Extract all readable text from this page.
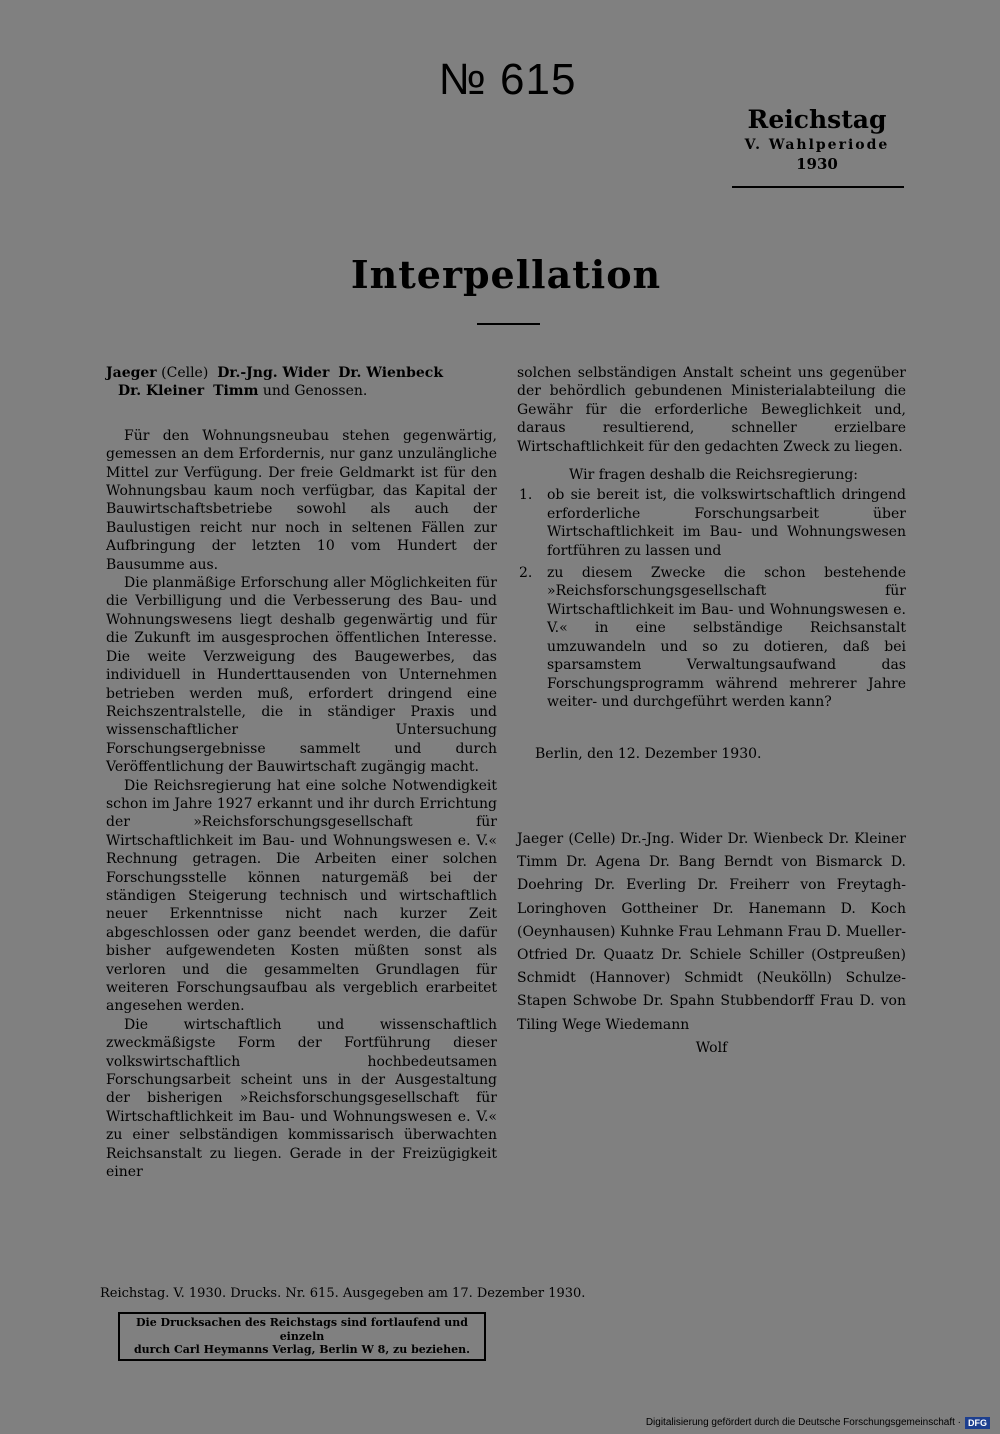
№ 615
Reichstag
V. Wahlperiode
1930
Interpellation
Jaeger (Celle) Dr.-Jng. Wider Dr. Wienbeck
Dr. Kleiner Timm und Genossen.

Für den Wohnungsneubau stehen gegenwärtig, gemessen an dem Erfordernis, nur ganz unzulängliche Mittel zur Verfügung. Der freie Geldmarkt ist für den Wohnungsbau kaum noch verfügbar, das Kapital der Bauwirtschaftsbetriebe sowohl als auch der Baulustigen reicht nur noch in seltenen Fällen zur Aufbringung der letzten 10 vom Hundert der Bausumme aus.

Die planmäßige Erforschung aller Möglichkeiten für die Verbilligung und die Verbesserung des Bau- und Wohnungswesens liegt deshalb gegenwärtig und für die Zukunft im ausgesprochen öffentlichen Interesse. Die weite Verzweigung des Baugewerbes, das individuell in Hunderttausenden von Unternehmen betrieben werden muß, erfordert dringend eine Reichszentralstelle, die in ständiger Praxis und wissenschaftlicher Untersuchung Forschungsergebnisse sammelt und durch Veröffentlichung der Bauwirtschaft zugängig macht.

Die Reichsregierung hat eine solche Notwendigkeit schon im Jahre 1927 erkannt und ihr durch Errichtung der »Reichsforschungsgesellschaft für Wirtschaftlichkeit im Bau- und Wohnungswesen e. V.« Rechnung getragen. Die Arbeiten einer solchen Forschungsstelle können naturgemäß bei der ständigen Steigerung technisch und wirtschaftlich neuer Erkenntnisse nicht nach kurzer Zeit abgeschlossen oder ganz beendet werden, die dafür bisher aufgewendeten Kosten müßten sonst als verloren und die gesammelten Grundlagen für weiteren Forschungsaufbau als vergeblich erarbeitet angesehen werden.

Die wirtschaftlich und wissenschaftlich zweckmäßigste Form der Fortführung dieser volkswirtschaftlich hochbedeutsamen Forschungsarbeit scheint uns in der Ausgestaltung der bisherigen »Reichsforschungsgesellschaft für Wirtschaftlichkeit im Bau- und Wohnungswesen e. V.« zu einer selbständigen kommissarisch überwachten Reichsanstalt zu liegen. Gerade in der Freizügigkeit einer

solchen selbständigen Anstalt scheint uns gegenüber der behördlich gebundenen Ministerialabteilung die Gewähr für die erforderliche Beweglichkeit und, daraus resultierend, schneller erzielbare Wirtschaftlichkeit für den gedachten Zweck zu liegen.

Wir fragen deshalb die Reichsregierung:

1.	ob sie bereit ist, die volkswirtschaftlich dringend erforderliche Forschungsarbeit über Wirtschaftlichkeit im Bau- und Wohnungswesen fortführen zu lassen und
2.	zu diesem Zwecke die schon bestehende »Reichsforschungsgesellschaft für Wirtschaftlichkeit im Bau- und Wohnungswesen e. V.« in eine selbständige Reichsanstalt umzuwandeln und so zu dotieren, daß bei sparsamstem Verwaltungsaufwand das Forschungsprogramm während mehrerer Jahre weiter- und durchgeführt werden kann?
Berlin, den 12. Dezember 1930.
Jaeger (Celle) Dr.-Jng. Wider Dr. Wienbeck Dr. Kleiner Timm Dr. Agena Dr. Bang Berndt von Bismarck D. Doehring Dr. Everling Dr. Freiherr von Freytagh-Loringhoven Gottheiner Dr. Hanemann D. Koch (Oeynhausen) Kuhnke Frau Lehmann Frau D. Mueller-Otfried Dr. Quaatz Dr. Schiele Schiller (Ostpreußen) Schmidt (Hannover) Schmidt (Neukölln) Schulze-Stapen Schwobe Dr. Spahn Stubbendorff Frau D. von Tiling Wege Wiedemann
Wolf
Reichstag. V. 1930. Drucks. Nr. 615. Ausgegeben am 17. Dezember 1930.
Die Drucksachen des Reichstags sind fortlaufend und einzeln
durch Carl Heymanns Verlag, Berlin W 8, zu beziehen.
Digitalisierung gefördert durch die Deutsche Forschungsgemeinschaft · DFG
